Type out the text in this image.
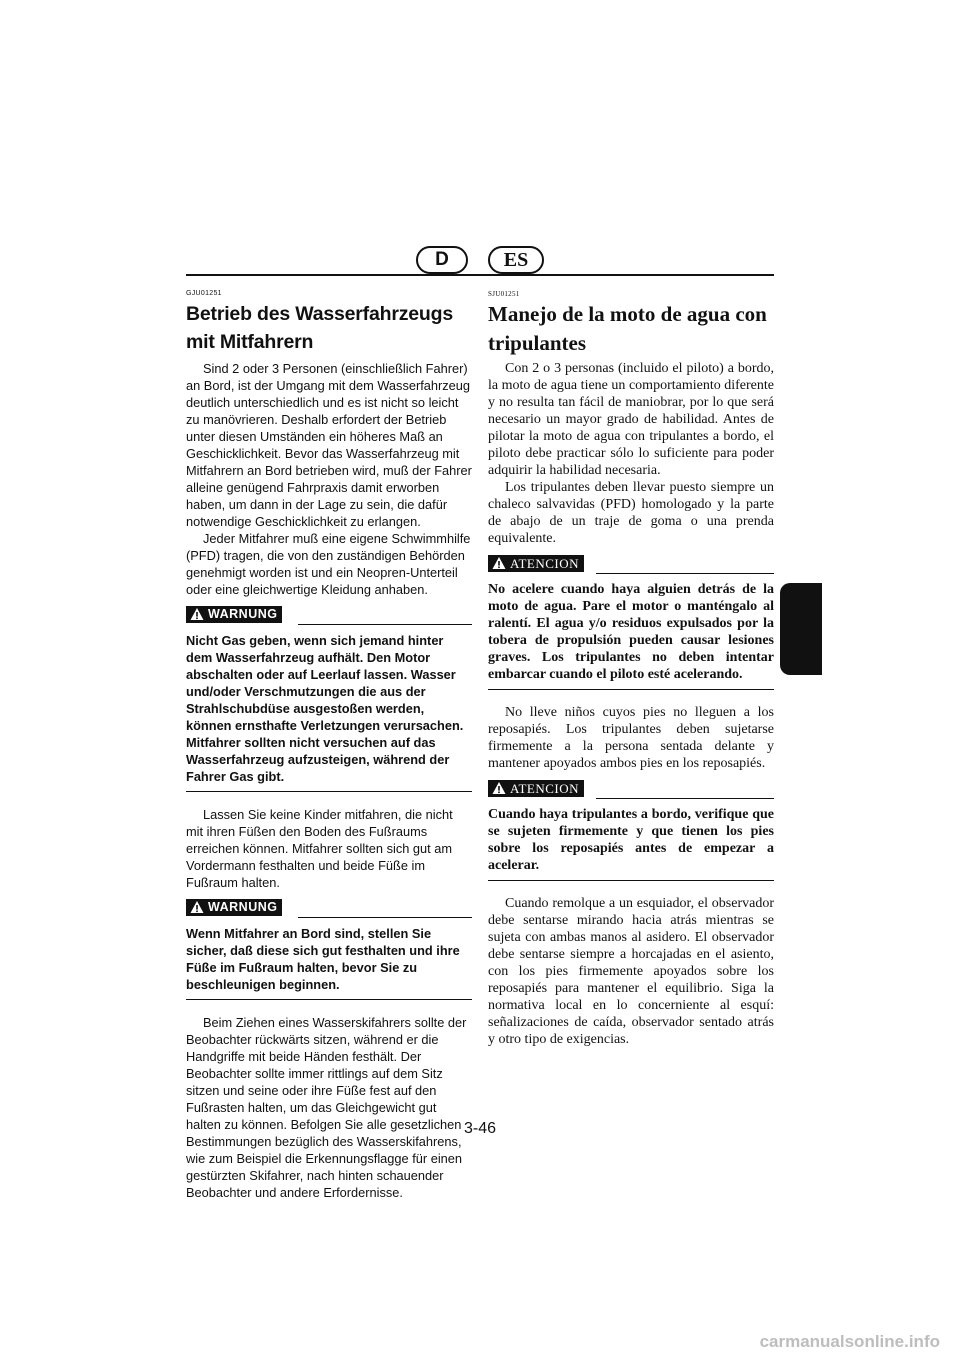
D	ES
GJU01251
Betrieb des Wasserfahrzeugs mit Mitfahrern

Sind 2 oder 3 Personen (einschließlich Fahrer) an Bord, ist der Umgang mit dem Wasserfahrzeug deutlich unterschiedlich und es ist nicht so leicht zu manövrieren. Deshalb erfordert der Betrieb unter diesen Umständen ein höheres Maß an Geschicklichkeit. Bevor das Wasserfahrzeug mit Mitfahrern an Bord betrieben wird, muß der Fahrer alleine genügend Fahrpraxis damit erworben haben, um dann in der Lage zu sein, die dafür notwendige Geschicklichkeit zu erlangen.

Jeder Mitfahrer muß eine eigene Schwimmhilfe (PFD) tragen, die von den zuständigen Behörden genehmigt worden ist und ein Neopren-Unterteil oder eine gleichwertige Kleidung anhaben.

WARNUNG
Nicht Gas geben, wenn sich jemand hinter dem Wasserfahrzeug aufhält. Den Motor abschalten oder auf Leerlauf lassen. Wasser und/oder Verschmutzungen die aus der Strahlschubdüse ausgestoßen werden, können ernsthafte Verletzungen verursachen. Mitfahrer sollten nicht versuchen auf das Wasserfahrzeug aufzusteigen, während der Fahrer Gas gibt.

Lassen Sie keine Kinder mitfahren, die nicht mit ihren Füßen den Boden des Fußraums erreichen können. Mitfahrer sollten sich gut am Vordermann festhalten und beide Füße im Fußraum halten.

WARNUNG
Wenn Mitfahrer an Bord sind, stellen Sie sicher, daß diese sich gut festhalten und ihre Füße im Fußraum halten, bevor Sie zu beschleunigen beginnen.

Beim Ziehen eines Wasserskifahrers sollte der Beobachter rückwärts sitzen, während er die Handgriffe mit beide Händen festhält. Der Beobachter sollte immer rittlings auf dem Sitz sitzen und seine oder ihre Füße fest auf den Fußrasten halten, um das Gleichgewicht gut halten zu können. Befolgen Sie alle gesetzlichen Bestimmungen bezüglich des Wasserskifahrens, wie zum Beispiel die Erkennungsflagge für einen gestürzten Skifahrer, nach hinten schauender Beobachter und andere Erfordernisse.

SJU01251
Manejo de la moto de agua con tripulantes

Con 2 o 3 personas (incluido el piloto) a bordo, la moto de agua tiene un comportamiento diferente y no resulta tan fácil de maniobrar, por lo que será necesario un mayor grado de habilidad. Antes de pilotar la moto de agua con tripulantes a bordo, el piloto debe practicar sólo lo suficiente para poder adquirir la habilidad necesaria.

Los tripulantes deben llevar puesto siempre un chaleco salvavidas (PFD) homologado y la parte de abajo de un traje de goma o una prenda equivalente.

ATENCION
No acelere cuando haya alguien detrás de la moto de agua. Pare el motor o manténgalo al ralentí. El agua y/o residuos expulsados por la tobera de propulsión pueden causar lesiones graves. Los tripulantes no deben intentar embarcar cuando el piloto esté acelerando.

No lleve niños cuyos pies no lleguen a los reposapiés. Los tripulantes deben sujetarse firmemente a la persona sentada delante y mantener apoyados ambos pies en los reposapiés.

ATENCION
Cuando haya tripulantes a bordo, verifique que se sujeten firmemente y que tienen los pies sobre los reposapiés antes de empezar a acelerar.

Cuando remolque a un esquiador, el observador debe sentarse mirando hacia atrás mientras se sujeta con ambas manos al asidero. El observador debe sentarse siempre a horcajadas en el asiento, con los pies firmemente apoyados sobre los reposapiés para mantener el equilibrio. Siga la normativa local en lo concerniente al esquí: señalizaciones de caída, observador sentado atrás y otro tipo de exigencias.

3-46
carmanualsonline.info
